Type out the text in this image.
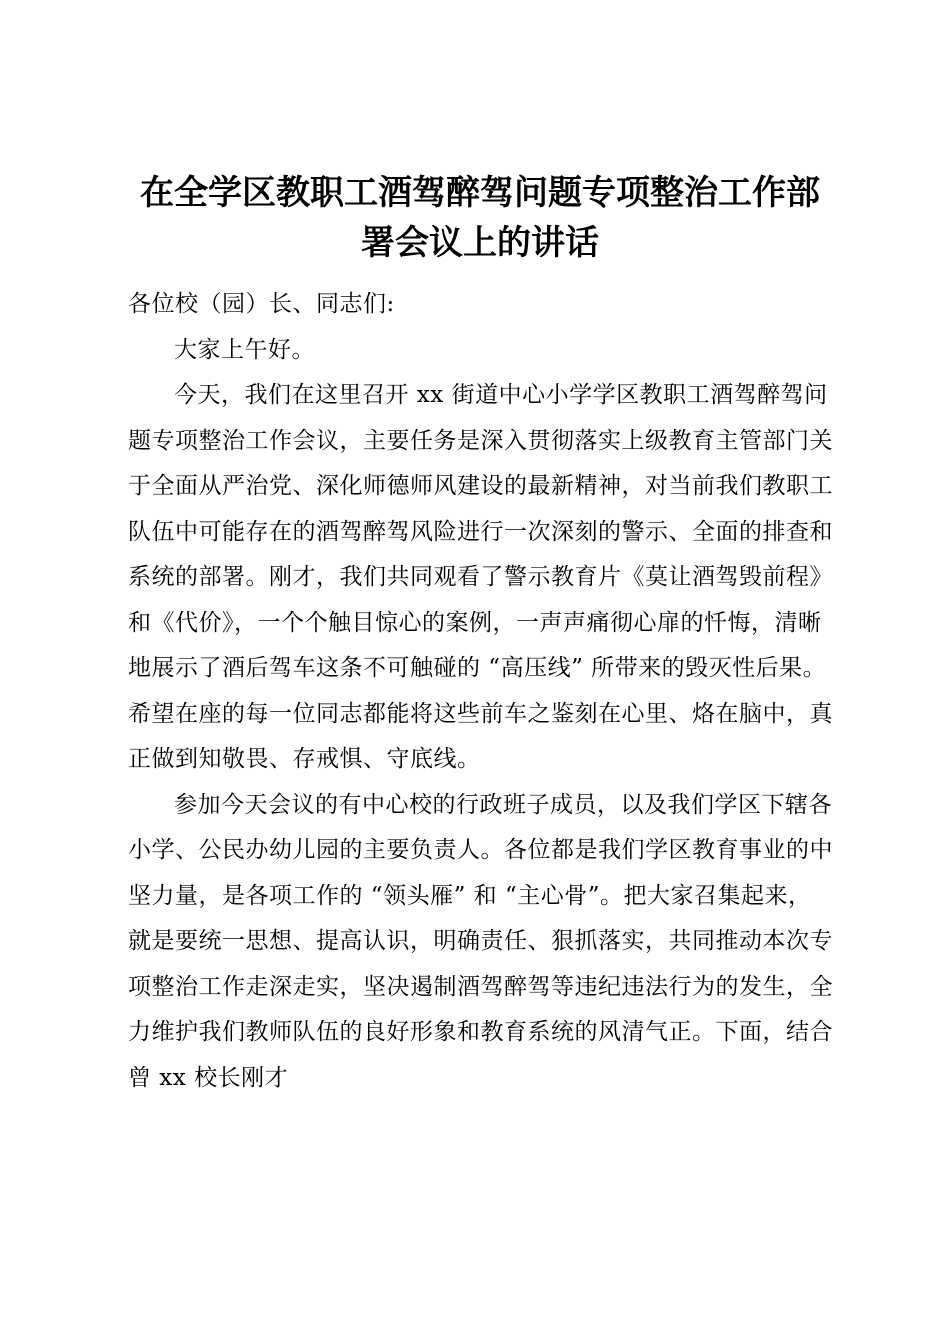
在全学区教职工酒驾醉驾问题专项整治工作部
署会议上的讲话

各位校（园）长、同志们:

大家上午好。

今天，我们在这里召开 xx 街道中心小学学区教职工酒驾醉驾问题专项整治工作会议，主要任务是深入贯彻落实上级教育主管部门关于全面从严治党、深化师德师风建设的最新精神，对当前我们教职工队伍中可能存在的酒驾醉驾风险进行一次深刻的警示、全面的排查和系统的部署。刚才，我们共同观看了警示教育片《莫让酒驾毁前程》和《代价》，一个个触目惊心的案例，一声声痛彻心扉的忏悔，清晰地展示了酒后驾车这条不可触碰的 “高压线” 所带来的毁灭性后果。希望在座的每一位同志都能将这些前车之鉴刻在心里、烙在脑中，真正做到知敬畏、存戒惧、守底线。

参加今天会议的有中心校的行政班子成员，以及我们学区下辖各小学、公民办幼儿园的主要负责人。各位都是我们学区教育事业的中坚力量，是各项工作的 “领头雁” 和 “主心骨”。把大家召集起来，就是要统一思想、提高认识，明确责任、狠抓落实，共同推动本次专项整治工作走深走实，坚决遏制酒驾醉驾等违纪违法行为的发生，全力维护我们教师队伍的良好形象和教育系统的风清气正。下面，结合曾 xx 校长刚才
